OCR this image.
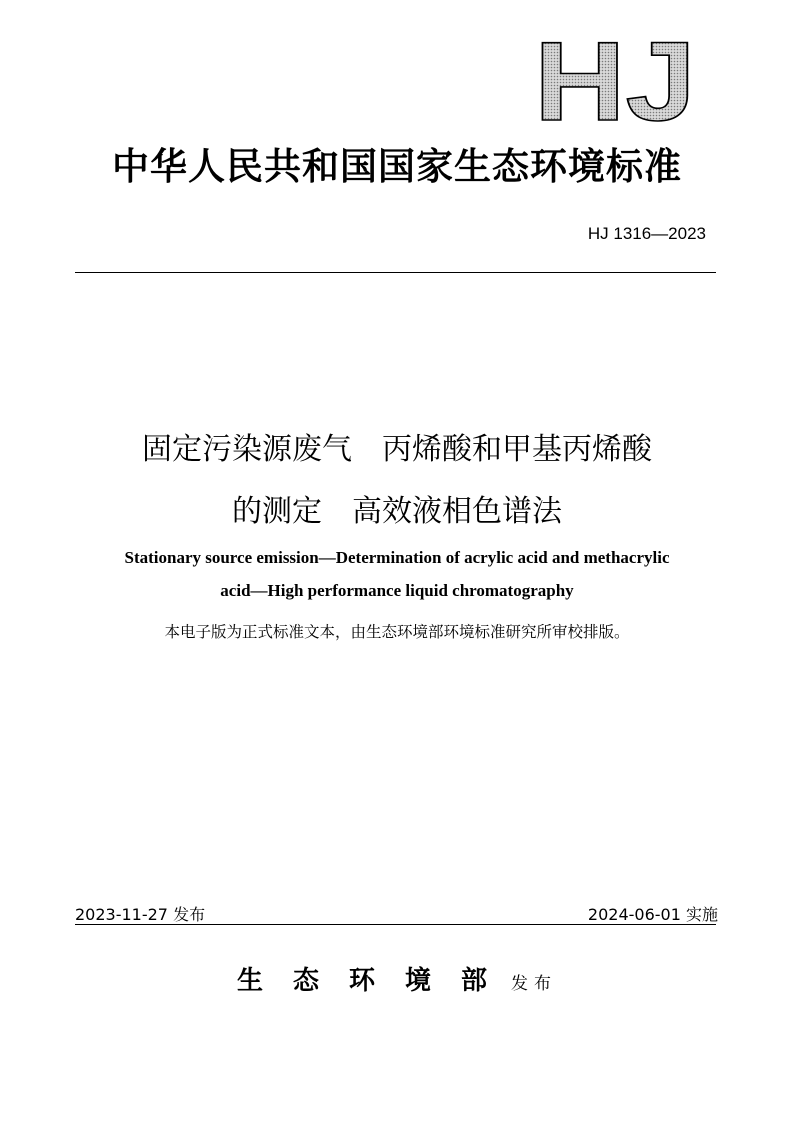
HJ
中华人民共和国国家生态环境标准
HJ 1316—2023
固定污染源废气　丙烯酸和甲基丙烯酸
的测定　高效液相色谱法
Stationary source emission—Determination of acrylic acid and methacrylic
acid—High performance liquid chromatography
本电子版为正式标准文本，由生态环境部环境标准研究所审校排版。
2023-11-27 发布	2024-06-01 实施
生态环境部发布
